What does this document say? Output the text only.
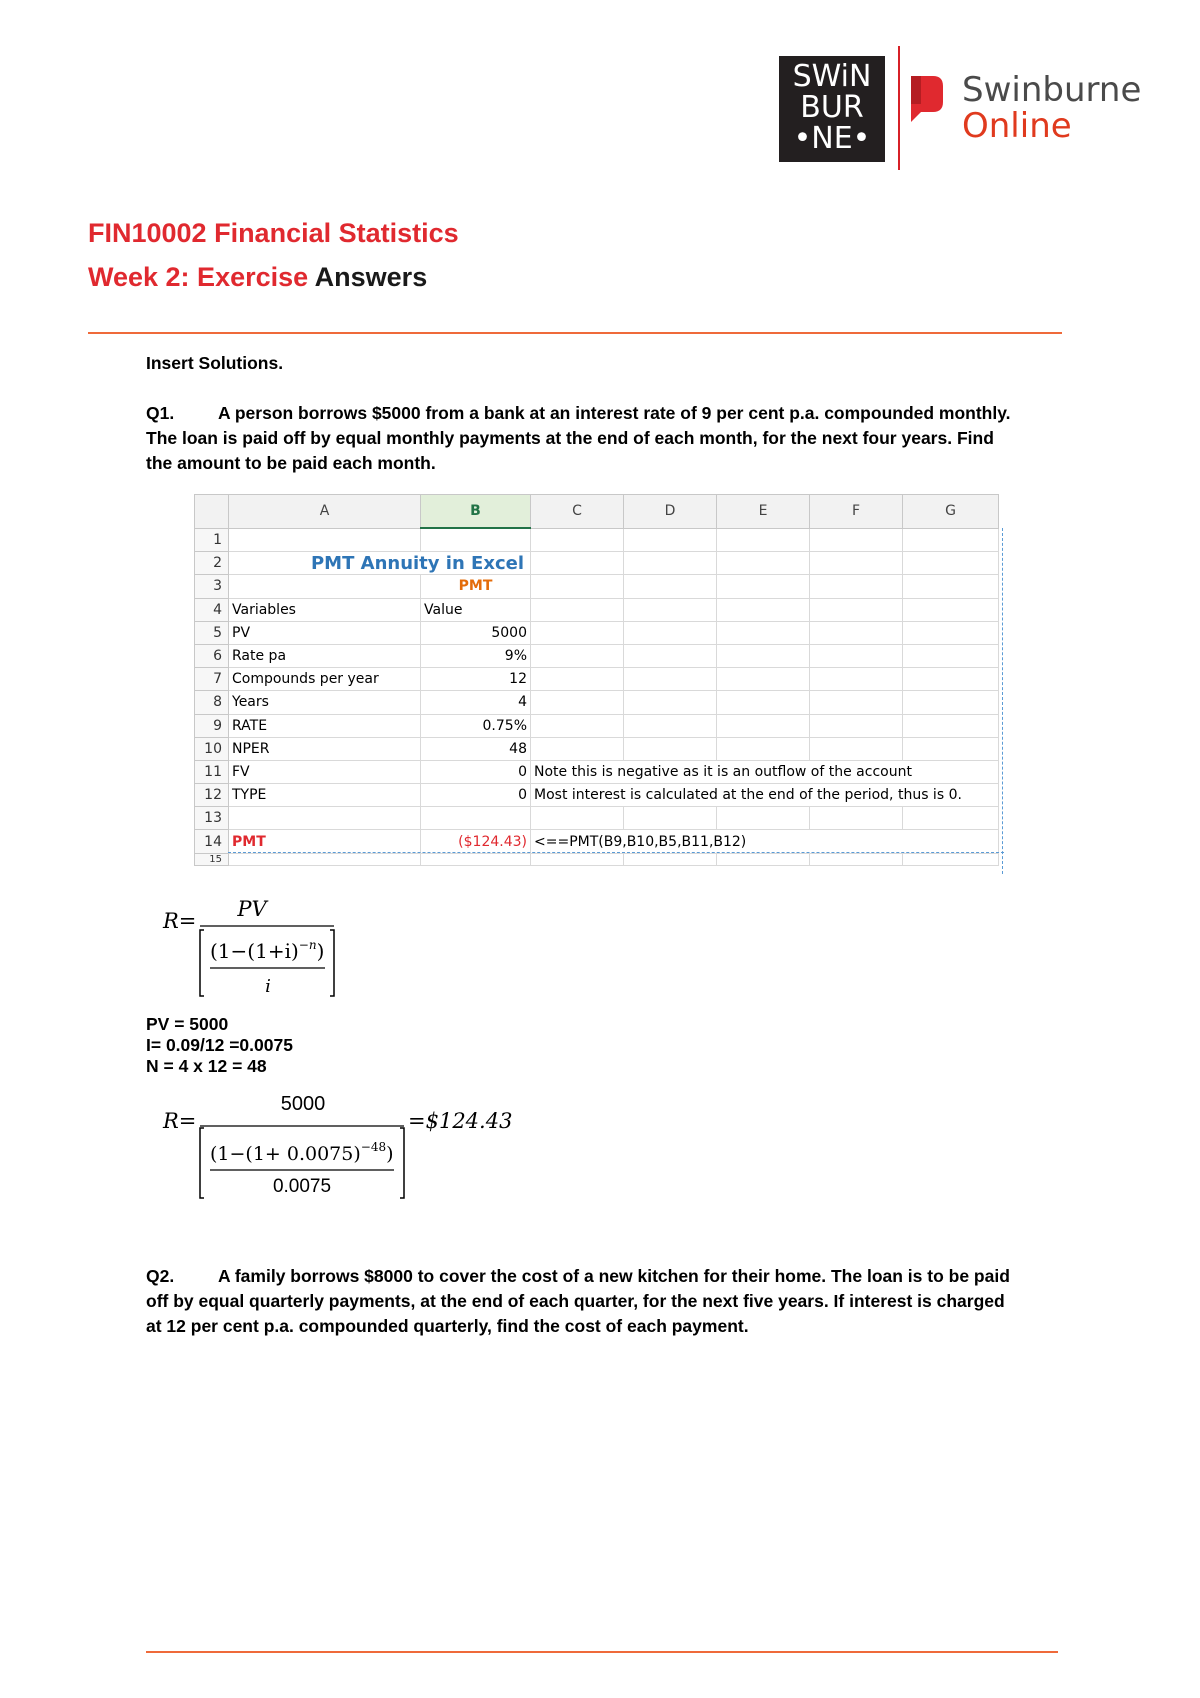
SWiN
BUR
•NE•
Swinburne
Online
FIN10002 Financial Statistics
Week 2: Exercise Answers
Insert Solutions.
Q1.	A person borrows $5000 from a bank at an interest rate of 9 per cent p.a. compounded monthly.
The loan is paid off by equal monthly payments at the end of each month, for the next four years. Find
the amount to be paid each month.
	A	B	C	D	E	F	G
1							
2	PMT Annuity in Excel						
3		PMT					
4	Variables	Value					
5	PV	5000					
6	Rate pa	9%					
7	Compounds per year	12					
8	Years	4					
9	RATE	0.75%					
10	NPER	48					
11	FV	0	Note this is negative as it is an outflow of the account				
12	TYPE	0	Most interest is calculated at the end of the period, thus is 0.				
13							
14	PMT	($124.43)	<==PMT(B9,B10,B5,B11,B12)				
15							
R= PV
$(1-(1+i)^{-n})$
i
PV = 5000
I= 0.09/12 =0.0075
N = 4 x 12 = 48
R=
5000
$(1-(1+ 0.0075)^{-48})$
0.0075
=$124.43
Q2.	A family borrows $8000 to cover the cost of a new kitchen for their home. The loan is to be paid
off by equal quarterly payments, at the end of each quarter, for the next five years. If interest is charged
at 12 per cent p.a. compounded quarterly, find the cost of each payment.
